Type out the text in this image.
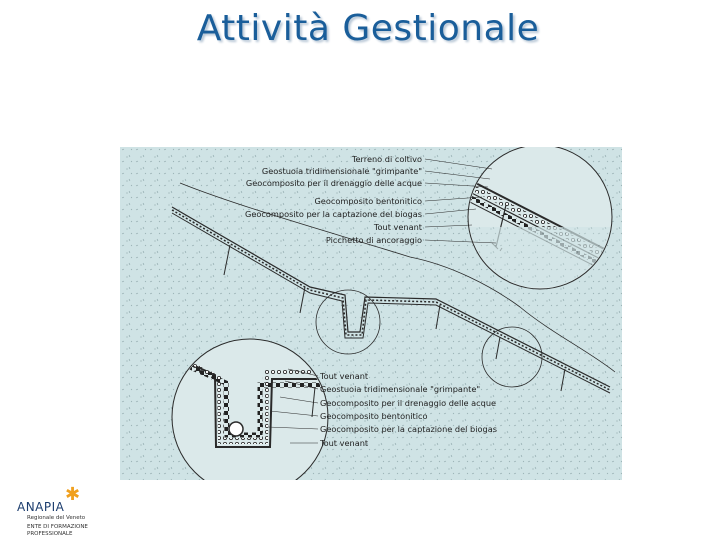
Attività Gestionale
Terreno di coltivo
Geostuoia tridimensionale "grimpante"
Geocomposito per il drenaggio delle acque
Geocomposito bentonitico
Geocomposito per la captazione del biogas
Tout venant
Picchetto di ancoraggio
Tout venant
Geostuoia tridimensionale "grimpante"
Geocomposito per il drenaggio delle acque
Geocomposito bentonitico
Geocomposito per la captazione del biogas
Tout venant
✱
ANAPIA
Regionale del Veneto
ENTE DI FORMAZIONE
PROFESSIONALE
